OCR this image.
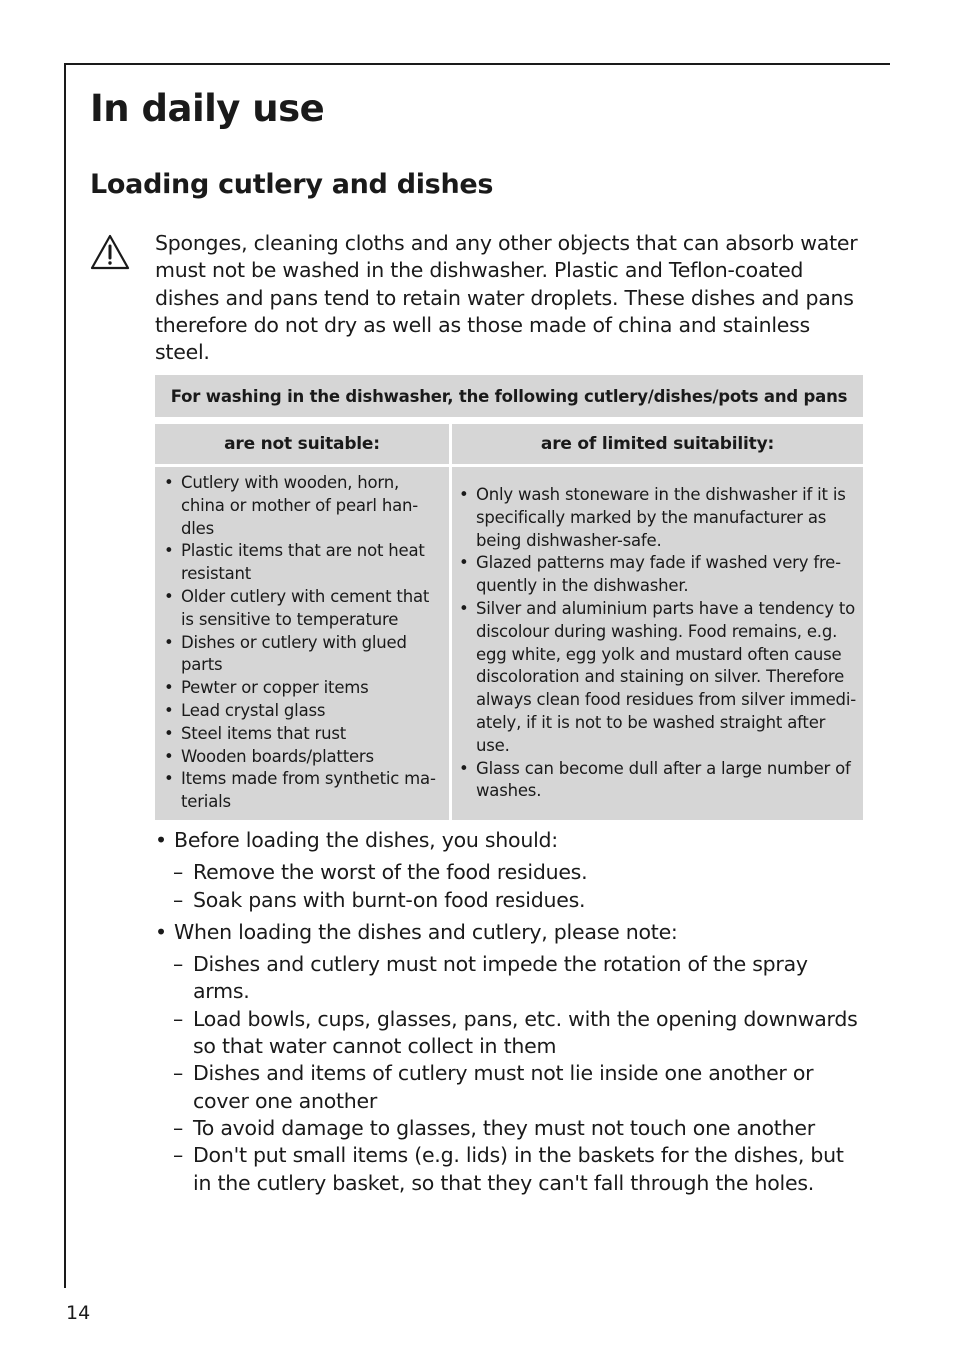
In daily use
Loading cutlery and dishes

Sponges, cleaning cloths and any other objects that can absorb water must not be washed in the dishwasher. Plastic and Teflon-coated dishes and pans tend to retain water droplets. These dishes and pans therefore do not dry as well as those made of china and stainless steel.

For washing in the dishwasher, the following cutlery/dishes/pots and pans
are not suitable:	are of limited suitability:
• Cutlery with wooden, horn, china or mother of pearl han-dles
• Plastic items that are not heat resistant
• Older cutlery with cement that is sensitive to temperature
• Dishes or cutlery with glued parts
• Pewter or copper items
• Lead crystal glass
• Steel items that rust
• Wooden boards/platters
• Items made from synthetic ma-terials
• Only wash stoneware in the dishwasher if it is specifically marked by the manufacturer as being dishwasher-safe.
• Glazed patterns may fade if washed very fre-quently in the dishwasher.
• Silver and aluminium parts have a tendency to discolour during washing. Food remains, e.g. egg white, egg yolk and mustard often cause discoloration and staining on silver. Therefore always clean food residues from silver immedi-ately, if it is not to be washed straight after use.
• Glass can become dull after a large number of washes.
• Before loading the dishes, you should:
– Remove the worst of the food residues.
– Soak pans with burnt-on food residues.
• When loading the dishes and cutlery, please note:
– Dishes and cutlery must not impede the rotation of the spray arms.
– Load bowls, cups, glasses, pans, etc. with the opening downwards so that water cannot collect in them
– Dishes and items of cutlery must not lie inside one another or cover one another
– To avoid damage to glasses, they must not touch one another
– Don't put small items (e.g. lids) in the baskets for the dishes, but in the cutlery basket, so that they can't fall through the holes.
14
